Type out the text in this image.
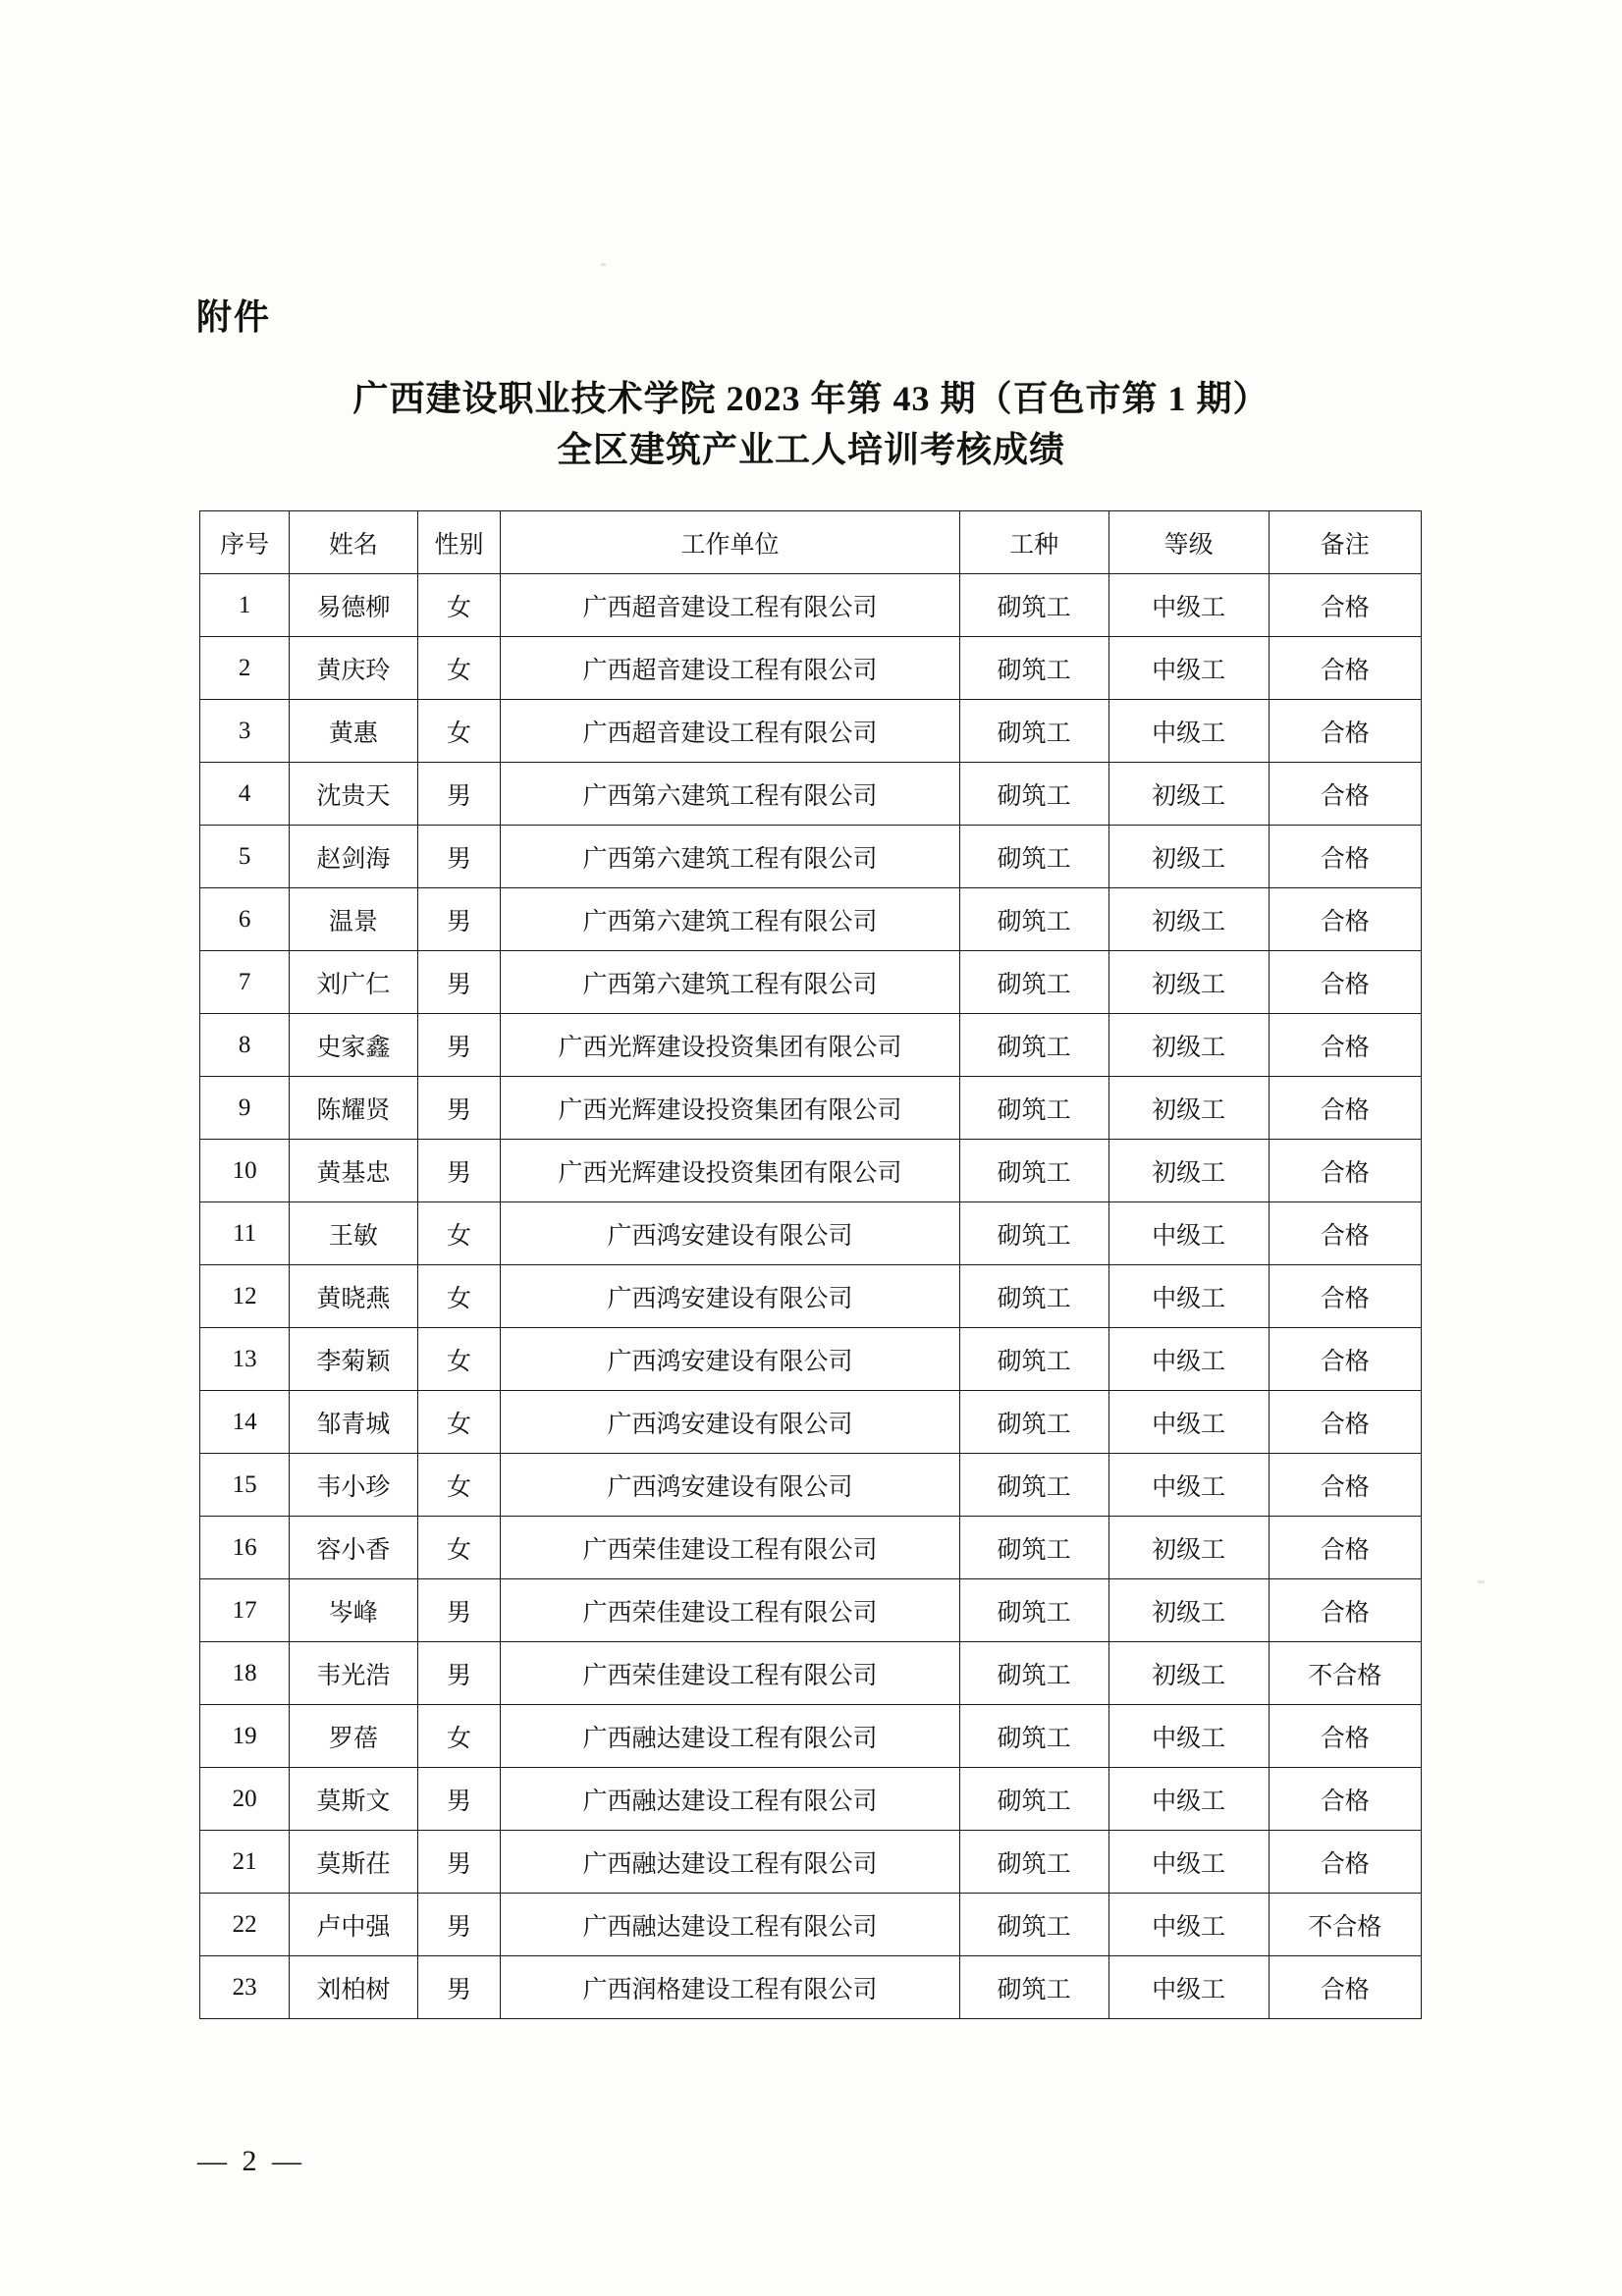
附件
广西建设职业技术学院 2023 年第 43 期（百色市第 1 期）
全区建筑产业工人培训考核成绩
序号	姓名	性别	工作单位	工种	等级	备注
1	易德柳	女	广西超音建设工程有限公司	砌筑工	中级工	合格
2	黄庆玲	女	广西超音建设工程有限公司	砌筑工	中级工	合格
3	黄惠	女	广西超音建设工程有限公司	砌筑工	中级工	合格
4	沈贵天	男	广西第六建筑工程有限公司	砌筑工	初级工	合格
5	赵剑海	男	广西第六建筑工程有限公司	砌筑工	初级工	合格
6	温景	男	广西第六建筑工程有限公司	砌筑工	初级工	合格
7	刘广仁	男	广西第六建筑工程有限公司	砌筑工	初级工	合格
8	史家鑫	男	广西光辉建设投资集团有限公司	砌筑工	初级工	合格
9	陈耀贤	男	广西光辉建设投资集团有限公司	砌筑工	初级工	合格
10	黄基忠	男	广西光辉建设投资集团有限公司	砌筑工	初级工	合格
11	王敏	女	广西鸿安建设有限公司	砌筑工	中级工	合格
12	黄晓燕	女	广西鸿安建设有限公司	砌筑工	中级工	合格
13	李菊颖	女	广西鸿安建设有限公司	砌筑工	中级工	合格
14	邹青城	女	广西鸿安建设有限公司	砌筑工	中级工	合格
15	韦小珍	女	广西鸿安建设有限公司	砌筑工	中级工	合格
16	容小香	女	广西荣佳建设工程有限公司	砌筑工	初级工	合格
17	岑峰	男	广西荣佳建设工程有限公司	砌筑工	初级工	合格
18	韦光浩	男	广西荣佳建设工程有限公司	砌筑工	初级工	不合格
19	罗蓓	女	广西融达建设工程有限公司	砌筑工	中级工	合格
20	莫斯文	男	广西融达建设工程有限公司	砌筑工	中级工	合格
21	莫斯茌	男	广西融达建设工程有限公司	砌筑工	中级工	合格
22	卢中强	男	广西融达建设工程有限公司	砌筑工	中级工	不合格
23	刘柏树	男	广西润格建设工程有限公司	砌筑工	中级工	合格
— 2 —
